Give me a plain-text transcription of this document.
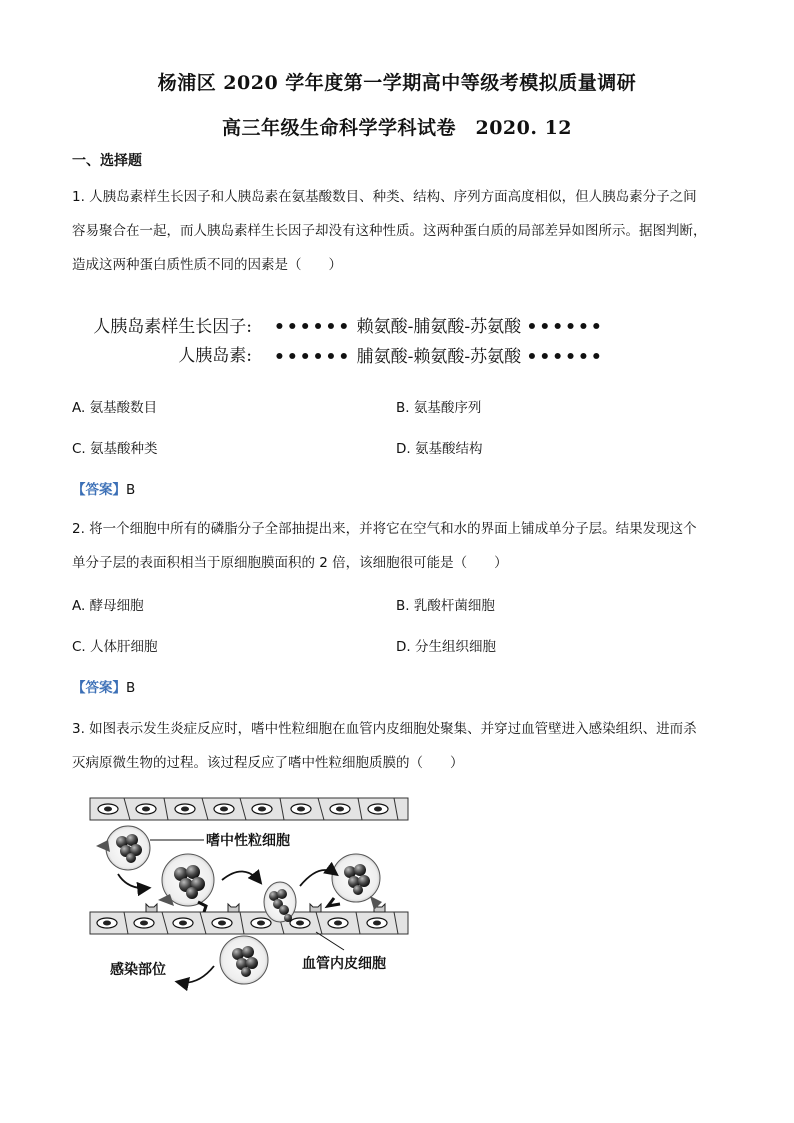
杨浦区 2020 学年度第一学期高中等级考模拟质量调研
高三年级生命科学学科试卷　2020. 12
一、选择题
1. 人胰岛素样生长因子和人胰岛素在氨基酸数目、种类、结构、序列方面高度相似，但人胰岛素分子之间
容易聚合在一起，而人胰岛素样生长因子却没有这种性质。这两种蛋白质的局部差异如图所示。据图判断，
造成这两种蛋白质性质不同的因素是（　　）
人胰岛素样生长因子: •••••• 赖氨酸-脯氨酸-苏氨酸 ••••••
人胰岛素: •••••• 脯氨酸-赖氨酸-苏氨酸 ••••••
A. 氨基酸数目	B. 氨基酸序列
C. 氨基酸种类	D. 氨基酸结构
【答案】B
2. 将一个细胞中所有的磷脂分子全部抽提出来，并将它在空气和水的界面上铺成单分子层。结果发现这个
单分子层的表面积相当于原细胞膜面积的 2 倍，该细胞很可能是（　　）
A. 酵母细胞	B. 乳酸杆菌细胞
C. 人体肝细胞	D. 分生组织细胞
【答案】B
3. 如图表示发生炎症反应时，嗜中性粒细胞在血管内皮细胞处聚集、并穿过血管壁进入感染组织、进而杀
灭病原微生物的过程。该过程反应了嗜中性粒细胞质膜的（　　）
嗜中性粒细胞
血管内皮细胞
感染部位
